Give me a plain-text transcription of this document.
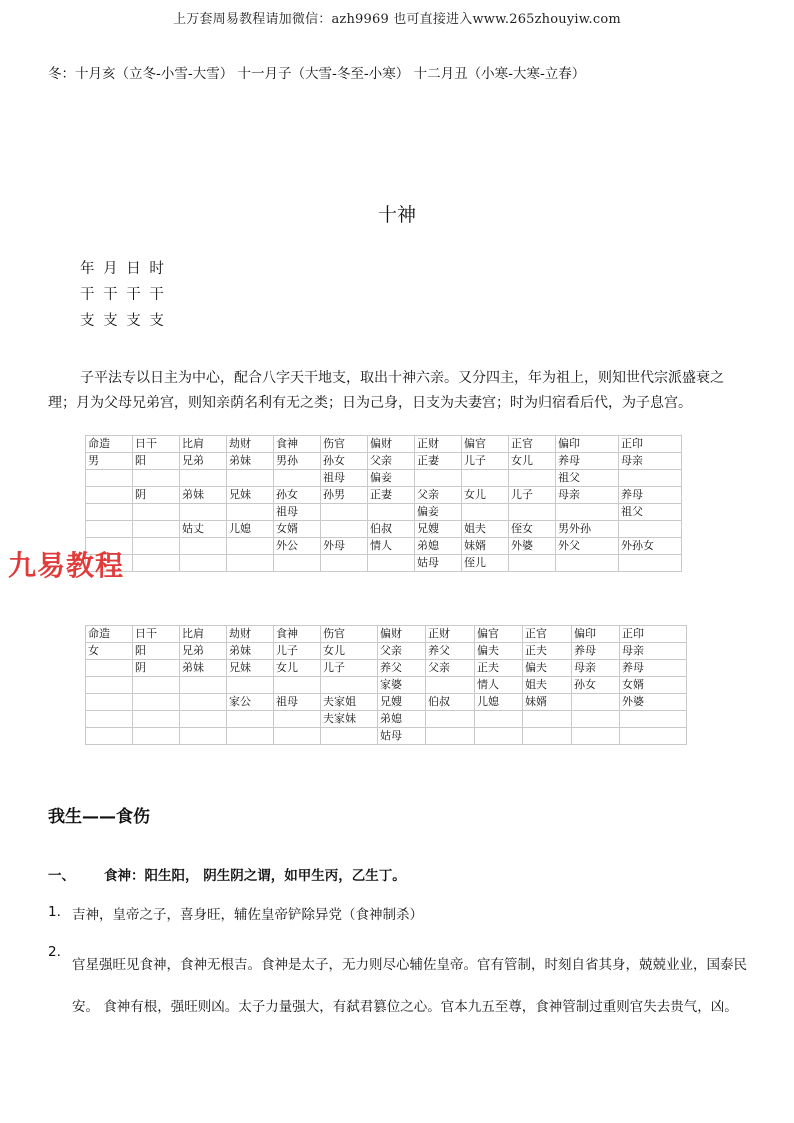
上万套周易教程请加微信：azh9969 也可直接进入www.265zhouyiw.com
冬：十月亥（立冬-小雪-大雪） 十一月子（大雪-冬至-小寒） 十二月丑（小寒-大寒-立春）
十神
年 月 日 时
干 干 干 干
支 支 支 支
子平法专以日主为中心，配合八字天干地支，取出十神六亲。又分四主，年为祖上，则知世代宗派盛衰之理；月为父母兄弟宫，则知亲荫名利有无之类；日为己身，日支为夫妻宫；时为归宿看后代，为子息宫。
命造	日干	比肩	劫财	食神	伤官	偏财	正财	偏官	正官	偏印	正印
男	阳	兄弟	弟妹	男孙	孙女	父亲	正妻	儿子	女儿	养母	母亲
					祖母	偏妾				祖父	
	阴	弟妹	兄妹	孙女	孙男	正妻	父亲	女儿	儿子	母亲	养母
				祖母			偏妾				祖父
		姑丈	儿媳	女婿		伯叔	兄嫂	姐夫	侄女	男外孙	
				外公	外母	情人	弟媳	妹婿	外婆	外父	外孙女
							姑母	侄儿			
九易教程
命造	日干	比肩	劫财	食神	伤官	偏财	正财	偏官	正官	偏印	正印
女	阳	兄弟	弟妹	儿子	女儿	父亲	养父	偏夫	正夫	养母	母亲
	阴	弟妹	兄妹	女儿	儿子	养父	父亲	正夫	偏夫	母亲	养母
						家婆		情人	姐夫	孙女	女婿
			家公	祖母	夫家姐	兄嫂	伯叔	儿媳	妹婿		外婆
					夫家妹	弟媳					
						姑母					
我生——食伤
一、 食神：阳生阳， 阴生阴之谓，如甲生丙，乙生丁。
1. 吉神，皇帝之子，喜身旺，辅佐皇帝铲除异党（食神制杀）
2.
官星强旺见食神，食神无根吉。食神是太子，无力则尽心辅佐皇帝。官有管制，时刻自省其身，兢兢业业，国泰民安。 食神有根，强旺则凶。太子力量强大，有弑君篡位之心。官本九五至尊，食神管制过重则官失去贵气，凶。
